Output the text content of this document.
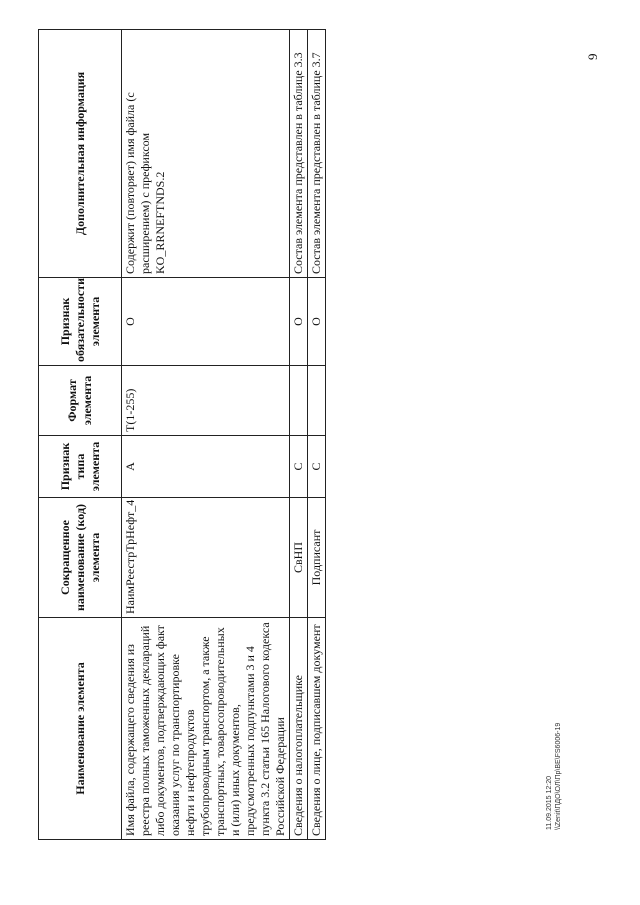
9
Наименование элемента	Сокращенное наименование (код) элемента	Признак типа элемента	Формат элемента	Признак обязательности элемента	Дополнительная информация
Имя файла, содержащего сведения из реестра полных таможенных деклараций либо документов, подтверждающих факт оказания услуг по транспортировке нефти и нефтепродуктов трубопроводным транспортом, а также транспортных, товаросопроводительных и (или) иных документов, предусмотренных подпунктами 3 и 4 пункта 3.2 статьи 165 Налогового кодекса Российской Федерации	НаимРеестрТрНефт_4	А	T(1-255)	О	Содержит (повторяет) имя файла (с расширением) с префиксом KO_RRNEFTNDS.2
Сведения о налогоплательщике	СвНП	С		О	Состав элемента представлен в таблице 3.3
Сведения о лице, подписавшем документ	Подписант	С		О	Состав элемента представлен в таблице 3.7
11.09.2015 12:20 \\Zenit\ПДО\ОЛ\Пр\ВЕ\FS6006-19
